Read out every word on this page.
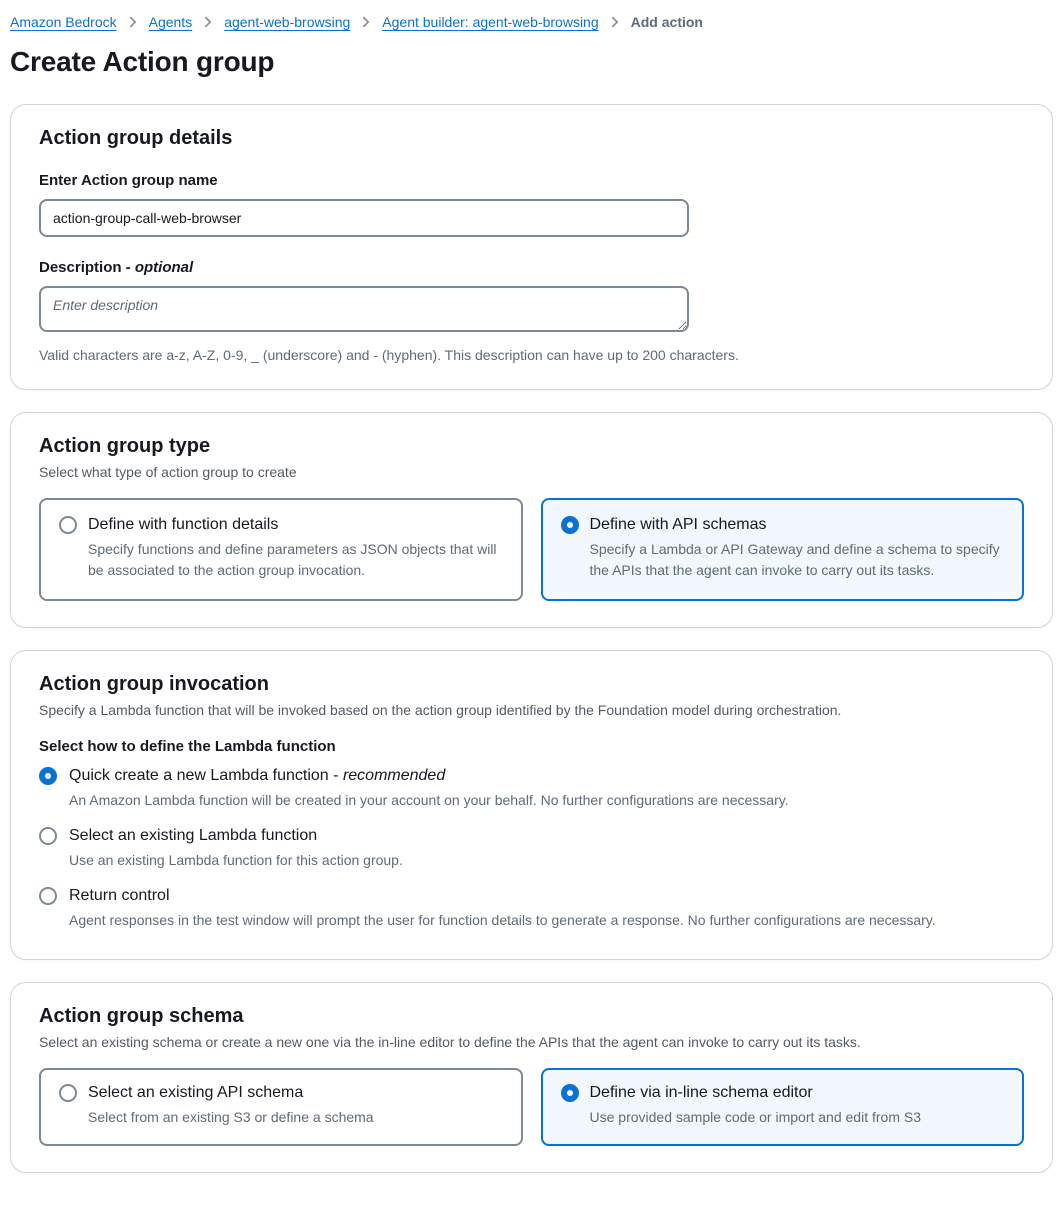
Amazon Bedrock Agents agent-web-browsing Agent builder: agent-web-browsing Add action
Create Action group
Action group details
Enter Action group name
action-group-call-web-browser
Description - optional
Enter description
Valid characters are a-z, A-Z, 0-9, _ (underscore) and - (hyphen). This description can have up to 200 characters.
Action group type

Select what type of action group to create

Define with function details
Specify functions and define parameters as JSON objects that will be associated to the action group invocation.
Define with API schemas
Specify a Lambda or API Gateway and define a schema to specify the APIs that the agent can invoke to carry out its tasks.
Action group invocation

Specify a Lambda function that will be invoked based on the action group identified by the Foundation model during orchestration.

Select how to define the Lambda function
Quick create a new Lambda function - recommended
An Amazon Lambda function will be created in your account on your behalf. No further configurations are necessary.
Select an existing Lambda function
Use an existing Lambda function for this action group.
Return control
Agent responses in the test window will prompt the user for function details to generate a response. No further configurations are necessary.
Action group schema

Select an existing schema or create a new one via the in-line editor to define the APIs that the agent can invoke to carry out its tasks.

Select an existing API schema
Select from an existing S3 or define a schema
Define via in-line schema editor
Use provided sample code or import and edit from S3
